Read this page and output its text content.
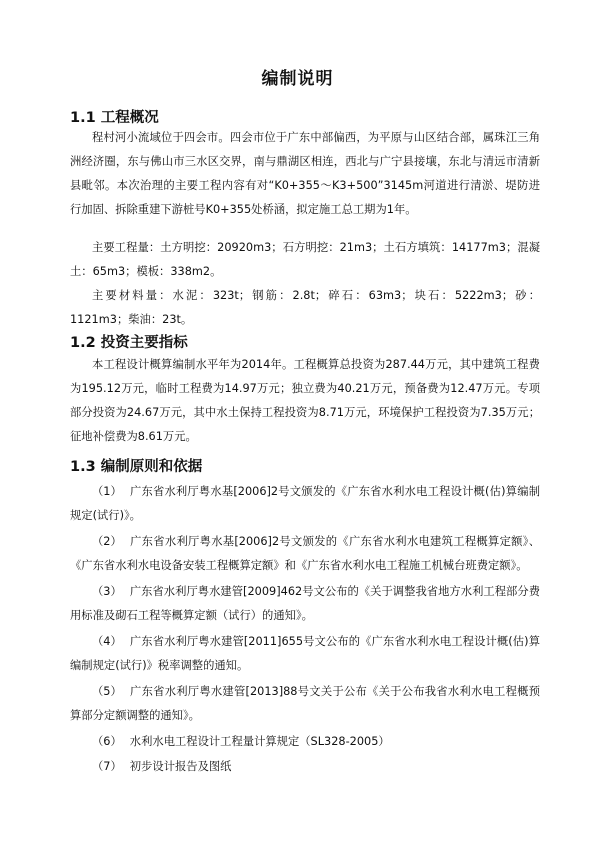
编制说明
1.1 工程概况

程村河小流域位于四会市。四会市位于广东中部偏西，为平原与山区结合部，属珠江三角洲经济圈，东与佛山市三水区交界，南与鼎湖区相连，西北与广宁县接壤，东北与清远市清新县毗邻。本次治理的主要工程内容有对“K0+355～K3+500”3145m河道进行清淤、堤防进行加固、拆除重建下游桩号K0+355处桥涵，拟定施工总工期为1年。

主要工程量：土方明挖：20920m3；石方明挖：21m3；土石方填筑：14177m3；混凝土：65m3；模板：338m2。

主要材料量：水泥：323t；钢筋：2.8t；碎石：63m3；块石：5222m3；砂：1121m3；柴油：23t。

1.2 投资主要指标

本工程设计概算编制水平年为2014年。工程概算总投资为287.44万元，其中建筑工程费为195.12万元，临时工程费为14.97万元；独立费为40.21万元，预备费为12.47万元。专项部分投资为24.67万元，其中水土保持工程投资为8.71万元，环境保护工程投资为7.35万元；征地补偿费为8.61万元。

1.3 编制原则和依据

（1） 广东省水利厅粤水基[2006]2号文颁发的《广东省水利水电工程设计概(估)算编制规定(试行)》。

（2） 广东省水利厅粤水基[2006]2号文颁发的《广东省水利水电建筑工程概算定额》、《广东省水利水电设备安装工程概算定额》和《广东省水利水电工程施工机械台班费定额》。

（3） 广东省水利厅粤水建管[2009]462号文公布的《关于调整我省地方水利工程部分费用标准及砌石工程等概算定额（试行）的通知》。

（4） 广东省水利厅粤水建管[2011]655号文公布的《广东省水利水电工程设计概(估)算编制规定(试行)》税率调整的通知。

（5） 广东省水利厅粤水建管[2013]88号文关于公布《关于公布我省水利水电工程概预算部分定额调整的通知》。

（6） 水利水电工程设计工程量计算规定（SL328-2005）

（7） 初步设计报告及图纸
